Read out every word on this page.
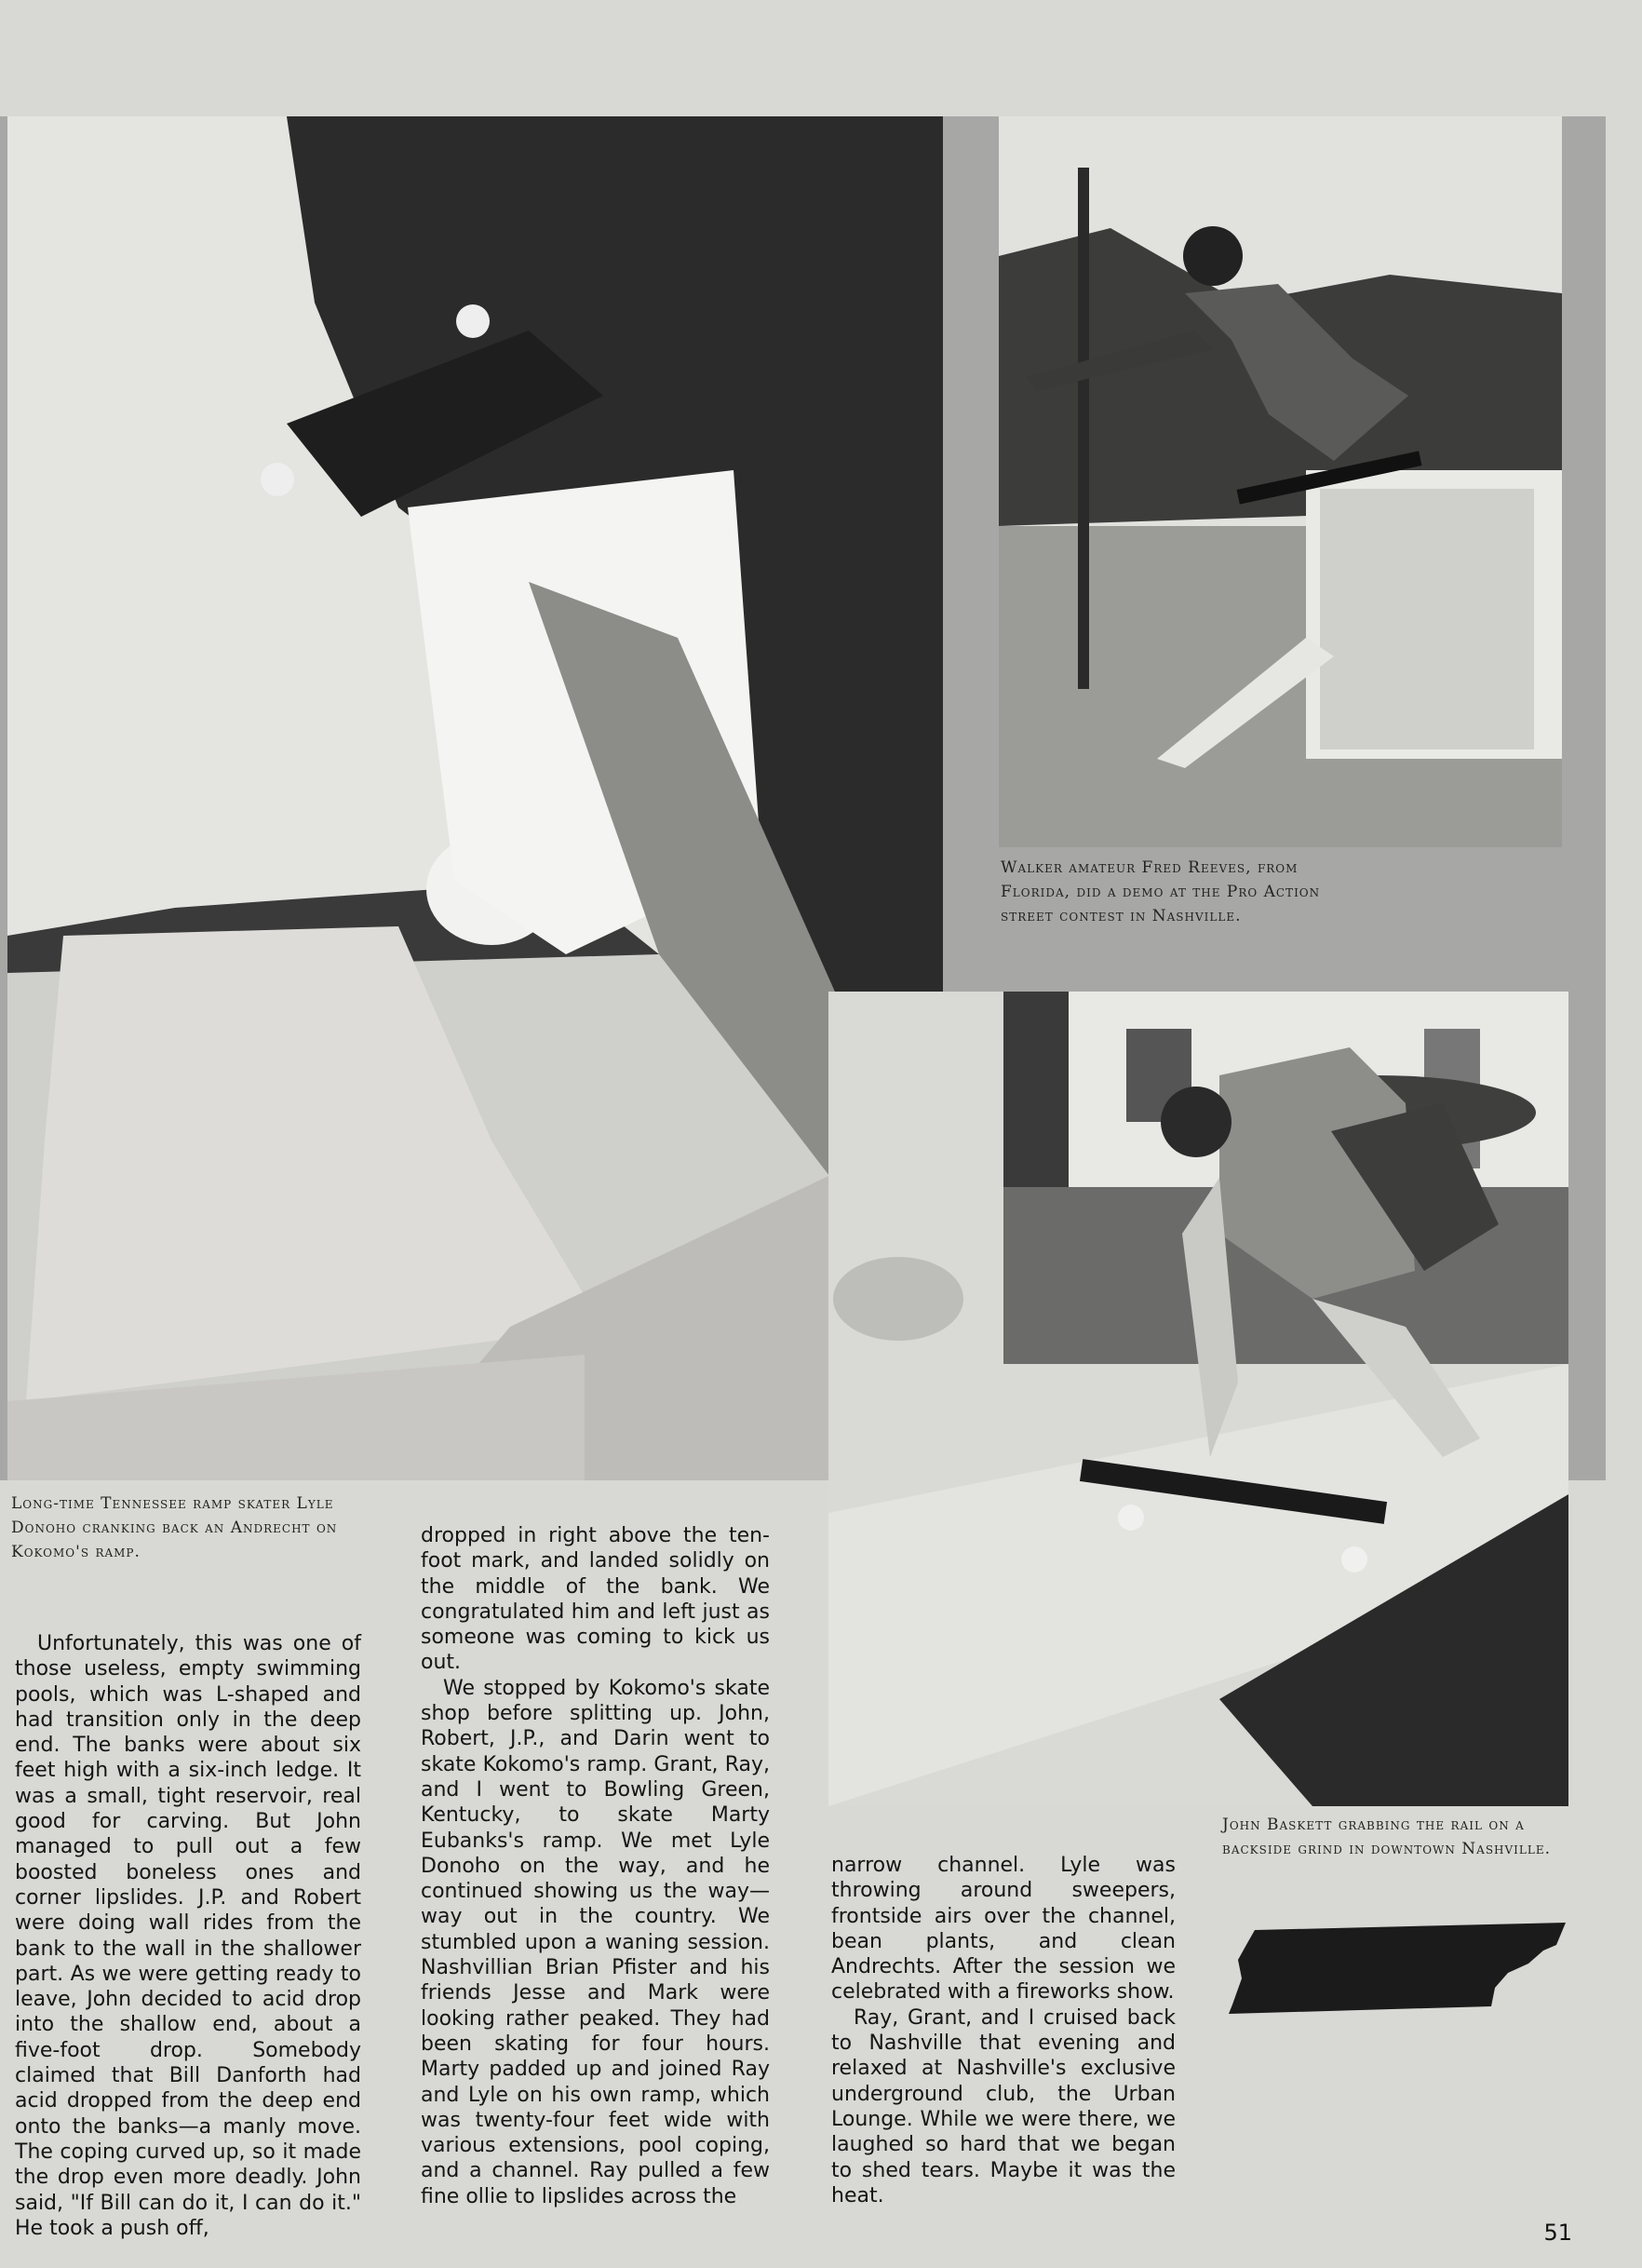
Long-time Tennessee ramp skater Lyle Donoho cranking back an Andrecht on Kokomo's ramp.
Walker amateur Fred Reeves, from Florida, did a demo at the Pro Action street contest in Nashville.
John Baskett grabbing the rail on a backside grind in downtown Nashville.

Unfortunately, this was one of those useless, empty swimming pools, which was L-shaped and had transition only in the deep end. The banks were about six feet high with a six-inch ledge. It was a small, tight reservoir, real good for carving. But John managed to pull out a few boosted boneless ones and corner lipslides. J.P. and Robert were doing wall rides from the bank to the wall in the shallower part. As we were getting ready to leave, John decided to acid drop into the shallow end, about a five-foot drop. Somebody claimed that Bill Danforth had acid dropped from the deep end onto the banks—a manly move. The coping curved up, so it made the drop even more deadly. John said, "If Bill can do it, I can do it." He took a push off,

dropped in right above the ten-foot mark, and landed solidly on the middle of the bank. We congratulated him and left just as someone was coming to kick us out.

We stopped by Kokomo's skate shop before splitting up. John, Robert, J.P., and Darin went to skate Kokomo's ramp. Grant, Ray, and I went to Bowling Green, Kentucky, to skate Marty Eubanks's ramp. We met Lyle Donoho on the way, and he continued showing us the way—way out in the country. We stumbled upon a waning session. Nashvillian Brian Pfister and his friends Jesse and Mark were looking rather peaked. They had been skating for four hours. Marty padded up and joined Ray and Lyle on his own ramp, which was twenty-four feet wide with various extensions, pool coping, and a channel. Ray pulled a few fine ollie to lipslides across the

narrow channel. Lyle was throwing around sweepers, frontside airs over the channel, bean plants, and clean Andrechts. After the session we celebrated with a fireworks show.

Ray, Grant, and I cruised back to Nashville that evening and relaxed at Nashville's exclusive underground club, the Urban Lounge. While we were there, we laughed so hard that we began to shed tears. Maybe it was the heat.

51
